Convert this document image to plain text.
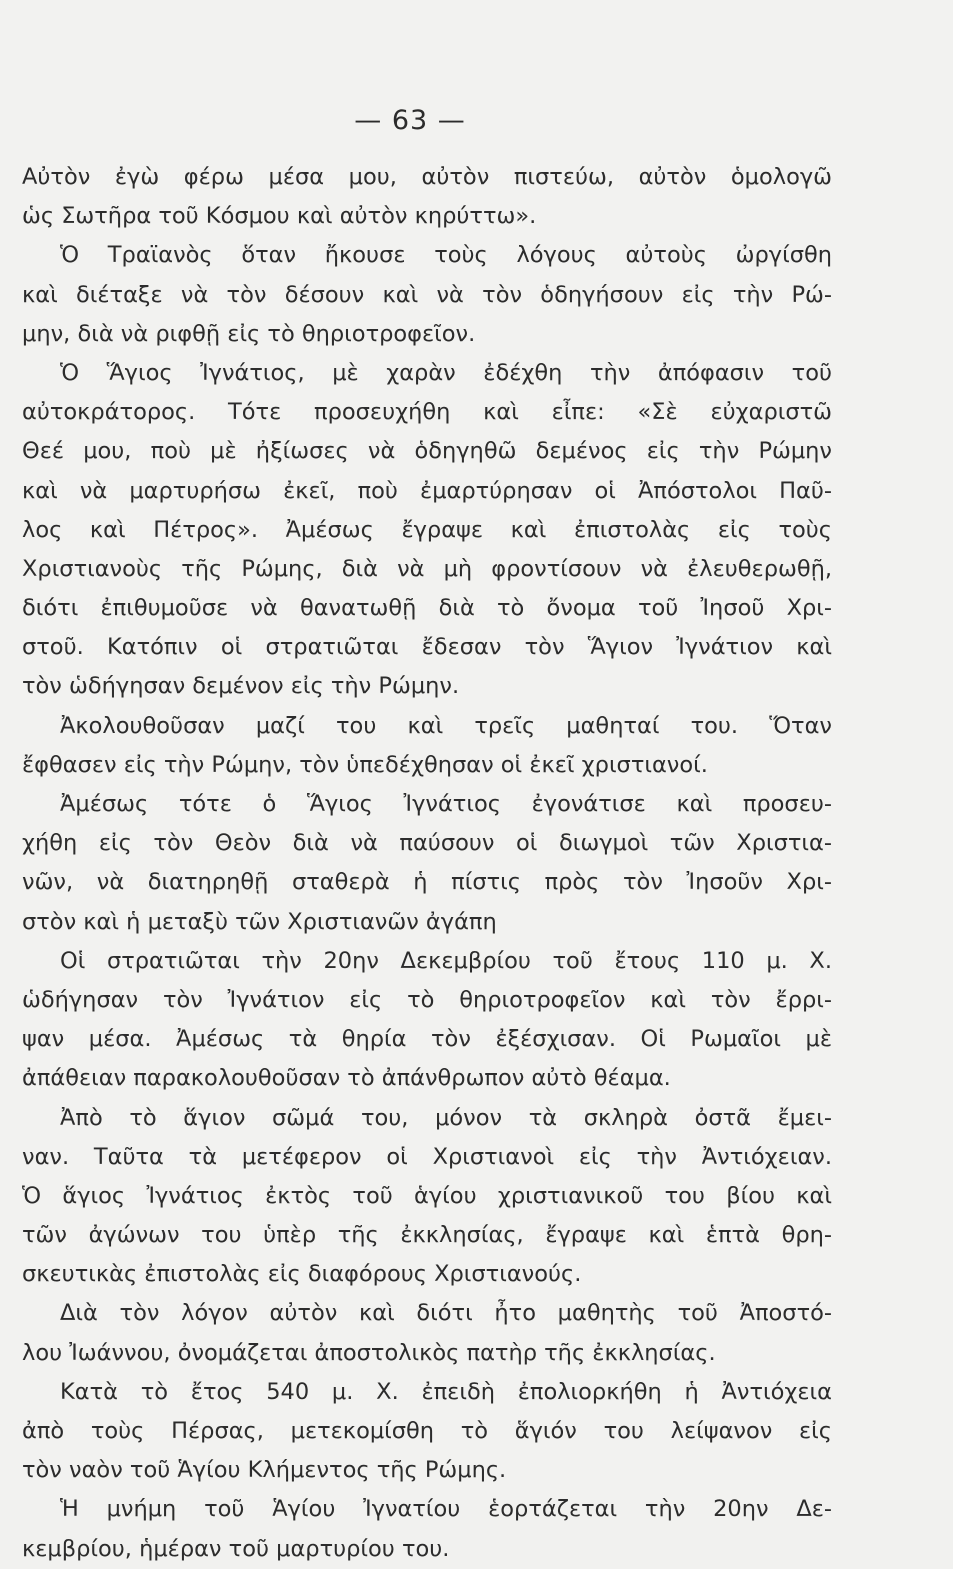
— 63 —
Αὐτὸν ἐγὼ φέρω μέσα μου, αὐτὸν πιστεύω, αὐτὸν ὁμολογῶ
ὡς Σωτῆρα τοῦ Κόσμου καὶ αὐτὸν κηρύττω».
Ὁ Τραϊανὸς ὅταν ἤκουσε τοὺς λόγους αὐτοὺς ὠργίσθη
καὶ διέταξε νὰ τὸν δέσουν καὶ νὰ τὸν ὁδηγήσουν εἰς τὴν Ρώ-
μην, διὰ νὰ ριφθῇ εἰς τὸ θηριοτροφεῖον.
Ὁ Ἅγιος Ἰγνάτιος, μὲ χαρὰν ἐδέχθη τὴν ἀπόφασιν τοῦ
αὐτοκράτορος. Τότε προσευχήθη καὶ εἶπε: «Σὲ εὐχαριστῶ
Θεέ μου, ποὺ μὲ ἠξίωσες νὰ ὁδηγηθῶ δεμένος εἰς τὴν Ρώμην
καὶ νὰ μαρτυρήσω ἐκεῖ, ποὺ ἐμαρτύρησαν οἱ Ἀπόστολοι Παῦ-
λος καὶ Πέτρος». Ἀμέσως ἔγραψε καὶ ἐπιστολὰς εἰς τοὺς
Χριστιανοὺς τῆς Ρώμης, διὰ νὰ μὴ φροντίσουν νὰ ἐλευθερωθῇ,
διότι ἐπιθυμοῦσε νὰ θανατωθῇ διὰ τὸ ὄνομα τοῦ Ἰησοῦ Χρι-
στοῦ. Κατόπιν οἱ στρατιῶται ἔδεσαν τὸν Ἅγιον Ἰγνάτιον καὶ
τὸν ὡδήγησαν δεμένον εἰς τὴν Ρώμην.
Ἀκολουθοῦσαν μαζί του καὶ τρεῖς μαθηταί του. Ὅταν
ἔφθασεν εἰς τὴν Ρώμην, τὸν ὑπεδέχθησαν οἱ ἐκεῖ χριστιανοί.
Ἀμέσως τότε ὁ Ἅγιος Ἰγνάτιος ἐγονάτισε καὶ προσευ-
χήθη εἰς τὸν Θεὸν διὰ νὰ παύσουν οἱ διωγμοὶ τῶν Χριστια-
νῶν, νὰ διατηρηθῇ σταθερὰ ἡ πίστις πρὸς τὸν Ἰησοῦν Χρι-
στὸν καὶ ἡ μεταξὺ τῶν Χριστιανῶν ἀγάπη
Οἱ στρατιῶται τὴν 20ην Δεκεμβρίου τοῦ ἔτους 110 μ. Χ.
ὡδήγησαν τὸν Ἰγνάτιον εἰς τὸ θηριοτροφεῖον καὶ τὸν ἔρρι-
ψαν μέσα. Ἀμέσως τὰ θηρία τὸν ἐξέσχισαν. Οἱ Ρωμαῖοι μὲ
ἀπάθειαν παρακολουθοῦσαν τὸ ἀπάνθρωπον αὐτὸ θέαμα.
Ἀπὸ τὸ ἅγιον σῶμά του, μόνον τὰ σκληρὰ ὀστᾶ ἔμει-
ναν. Ταῦτα τὰ μετέφερον οἱ Χριστιανοὶ εἰς τὴν Ἀντιόχειαν.
Ὁ ἅγιος Ἰγνάτιος ἐκτὸς τοῦ ἁγίου χριστιανικοῦ του βίου καὶ
τῶν ἀγώνων του ὑπὲρ τῆς ἐκκλησίας, ἔγραψε καὶ ἑπτὰ θρη-
σκευτικὰς ἐπιστολὰς εἰς διαφόρους Χριστιανούς.
Διὰ τὸν λόγον αὐτὸν καὶ διότι ἦτο μαθητὴς τοῦ Ἀποστό-
λου Ἰωάννου, ὀνομάζεται ἀποστολικὸς πατὴρ τῆς ἐκκλησίας.
Κατὰ τὸ ἔτος 540 μ. Χ. ἐπειδὴ ἐπολιορκήθη ἡ Ἀντιόχεια
ἀπὸ τοὺς Πέρσας, μετεκομίσθη τὸ ἅγιόν του λείψανον εἰς
τὸν ναὸν τοῦ Ἁγίου Κλήμεντος τῆς Ρώμης.
Ἡ μνήμη τοῦ Ἁγίου Ἰγνατίου ἑορτάζεται τὴν 20ην Δε-
κεμβρίου, ἡμέραν τοῦ μαρτυρίου του.
